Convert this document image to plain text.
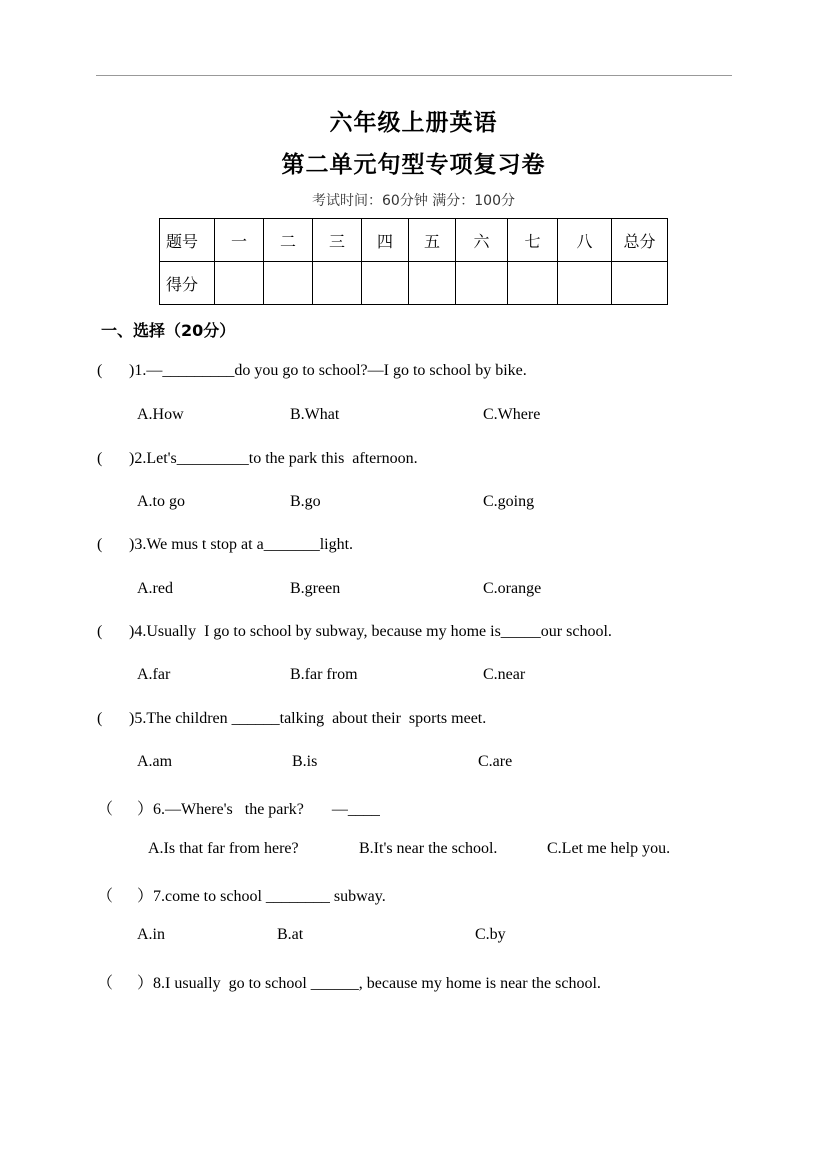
六年级上册英语
第二单元句型专项复习卷
考试时间：60分钟 满分：100分
题号	一	二	三	四	五	六	七	八	总分
得分									
一、选择（20分）
( )1.—_________do you go to school?—I go to school by bike.
A.How	B.What	C.Where
( )2.Let's_________to the park this  afternoon.
A.to go	B.go	C.going
( )3.We mus t stop at a_______light.
A.red	B.green	C.orange
( )4.Usually  I go to school by subway, because my home is_____our school.
A.far	B.far from	C.near
( )5.The children ______talking  about their  sports meet.
A.am	B.is	C.are
（ ）6.—Where's   the park?       —____
A.Is that far from here?	B.It's near the school.	C.Let me help you.
（ ）7.come to school ________ subway.
A.in	B.at	C.by
（ ）8.I usually  go to school ______, because my home is near the school.
